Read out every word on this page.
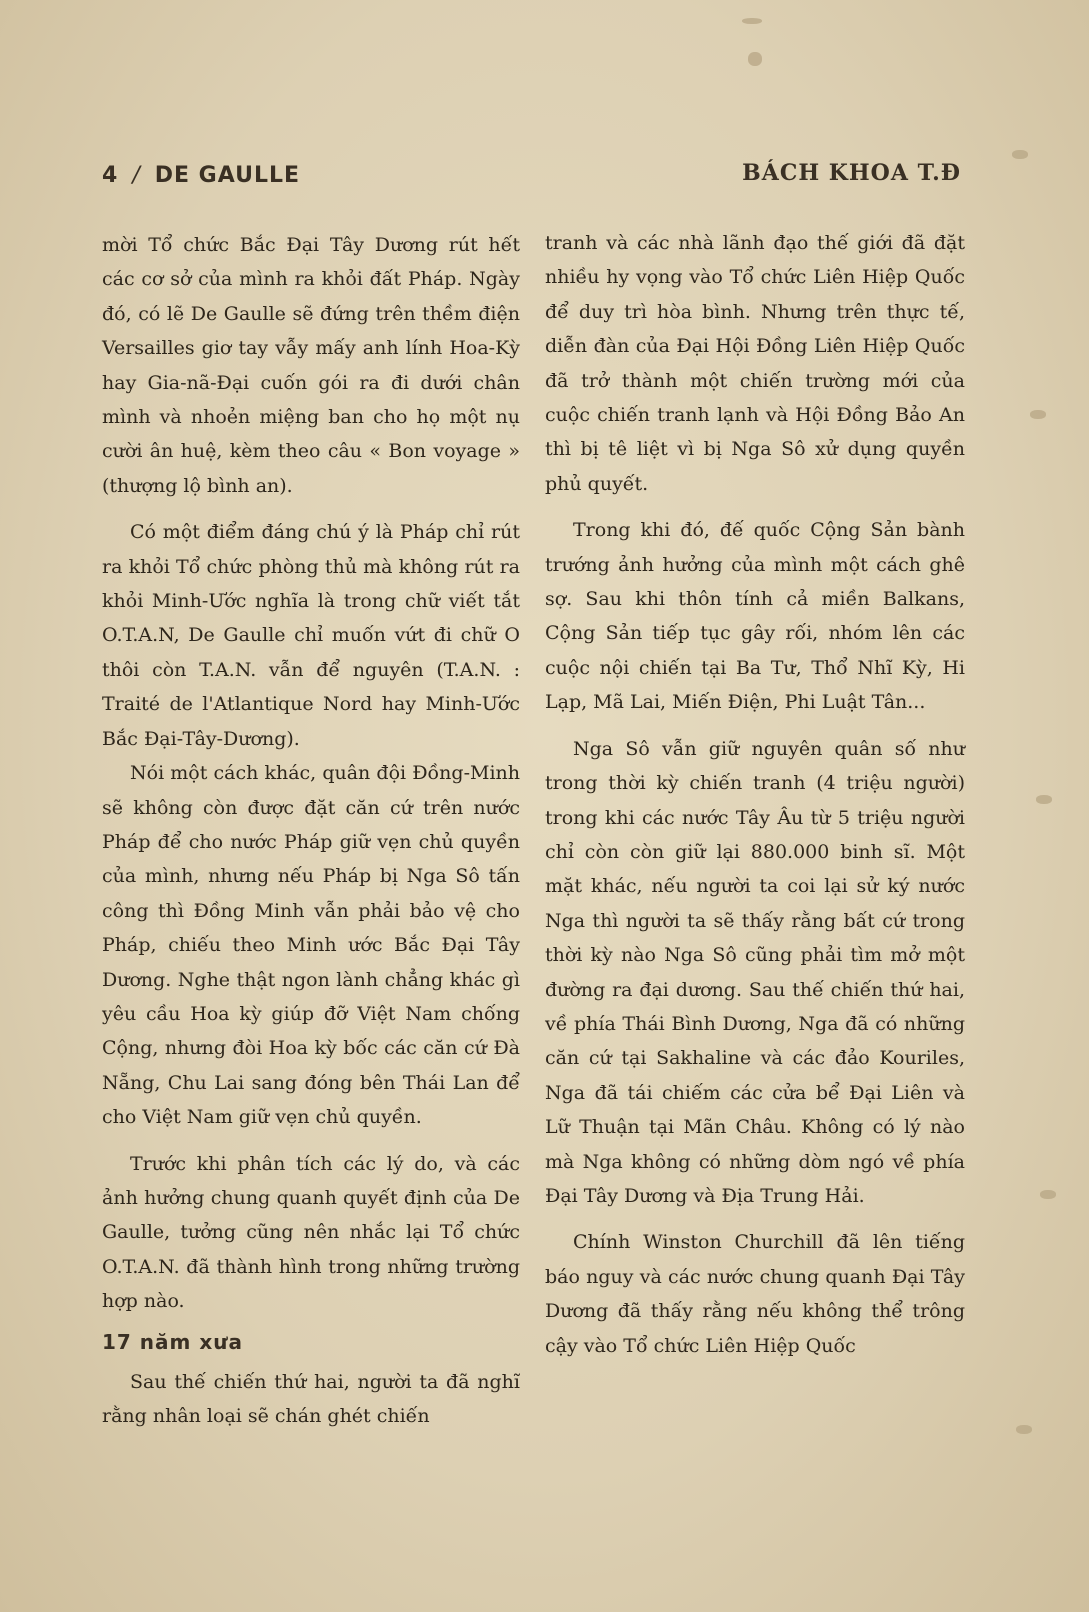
4 / DE GAULLE	BÁCH KHOA T.Đ

mời Tổ chức Bắc Đại Tây Dương rút hết các cơ sở của mình ra khỏi đất Pháp. Ngày đó, có lẽ De Gaulle sẽ đứng trên thềm điện Versailles giơ tay vẫy mấy anh lính Hoa-Kỳ hay Gia-nã-Đại cuốn gói ra đi dưới chân mình và nhoẻn miệng ban cho họ một nụ cười ân huệ, kèm theo câu « Bon voyage » (thượng lộ bình an).

Có một điểm đáng chú ý là Pháp chỉ rút ra khỏi Tổ chức phòng thủ mà không rút ra khỏi Minh-Ước nghĩa là trong chữ viết tắt O.T.A.N, De Gaulle chỉ muốn vứt đi chữ O thôi còn T.A.N. vẫn để nguyên (T.A.N. : Traité de l'Atlantique Nord hay Minh-Ước Bắc Đại-Tây-Dương).

Nói một cách khác, quân đội Đồng-Minh sẽ không còn được đặt căn cứ trên nước Pháp để cho nước Pháp giữ vẹn chủ quyền của mình, nhưng nếu Pháp bị Nga Sô tấn công thì Đồng Minh vẫn phải bảo vệ cho Pháp, chiếu theo Minh ước Bắc Đại Tây Dương. Nghe thật ngon lành chẳng khác gì yêu cầu Hoa kỳ giúp đỡ Việt Nam chống Cộng, nhưng đòi Hoa kỳ bốc các căn cứ Đà Nẵng, Chu Lai sang đóng bên Thái Lan để cho Việt Nam giữ vẹn chủ quyền.

Trước khi phân tích các lý do, và các ảnh hưởng chung quanh quyết định của De Gaulle, tưởng cũng nên nhắc lại Tổ chức O.T.A.N. đã thành hình trong những trường hợp nào.

17 năm xưa

Sau thế chiến thứ hai, người ta đã nghĩ rằng nhân loại sẽ chán ghét chiến

tranh và các nhà lãnh đạo thế giới đã đặt nhiều hy vọng vào Tổ chức Liên Hiệp Quốc để duy trì hòa bình. Nhưng trên thực tế, diễn đàn của Đại Hội Đồng Liên Hiệp Quốc đã trở thành một chiến trường mới của cuộc chiến tranh lạnh và Hội Đồng Bảo An thì bị tê liệt vì bị Nga Sô xử dụng quyền phủ quyết.

Trong khi đó, đế quốc Cộng Sản bành trướng ảnh hưởng của mình một cách ghê sợ. Sau khi thôn tính cả miền Balkans, Cộng Sản tiếp tục gây rối, nhóm lên các cuộc nội chiến tại Ba Tư, Thổ Nhĩ Kỳ, Hi Lạp, Mã Lai, Miến Điện, Phi Luật Tân...

Nga Sô vẫn giữ nguyên quân số như trong thời kỳ chiến tranh (4 triệu người) trong khi các nước Tây Âu từ 5 triệu người chỉ còn còn giữ lại 880.000 binh sĩ. Một mặt khác, nếu người ta coi lại sử ký nước Nga thì người ta sẽ thấy rằng bất cứ trong thời kỳ nào Nga Sô cũng phải tìm mở một đường ra đại dương. Sau thế chiến thứ hai, về phía Thái Bình Dương, Nga đã có những căn cứ tại Sakhaline và các đảo Kouriles, Nga đã tái chiếm các cửa bể Đại Liên và Lữ Thuận tại Mãn Châu. Không có lý nào mà Nga không có những dòm ngó về phía Đại Tây Dương và Địa Trung Hải.

Chính Winston Churchill đã lên tiếng báo nguy và các nước chung quanh Đại Tây Dương đã thấy rằng nếu không thể trông cậy vào Tổ chức Liên Hiệp Quốc
